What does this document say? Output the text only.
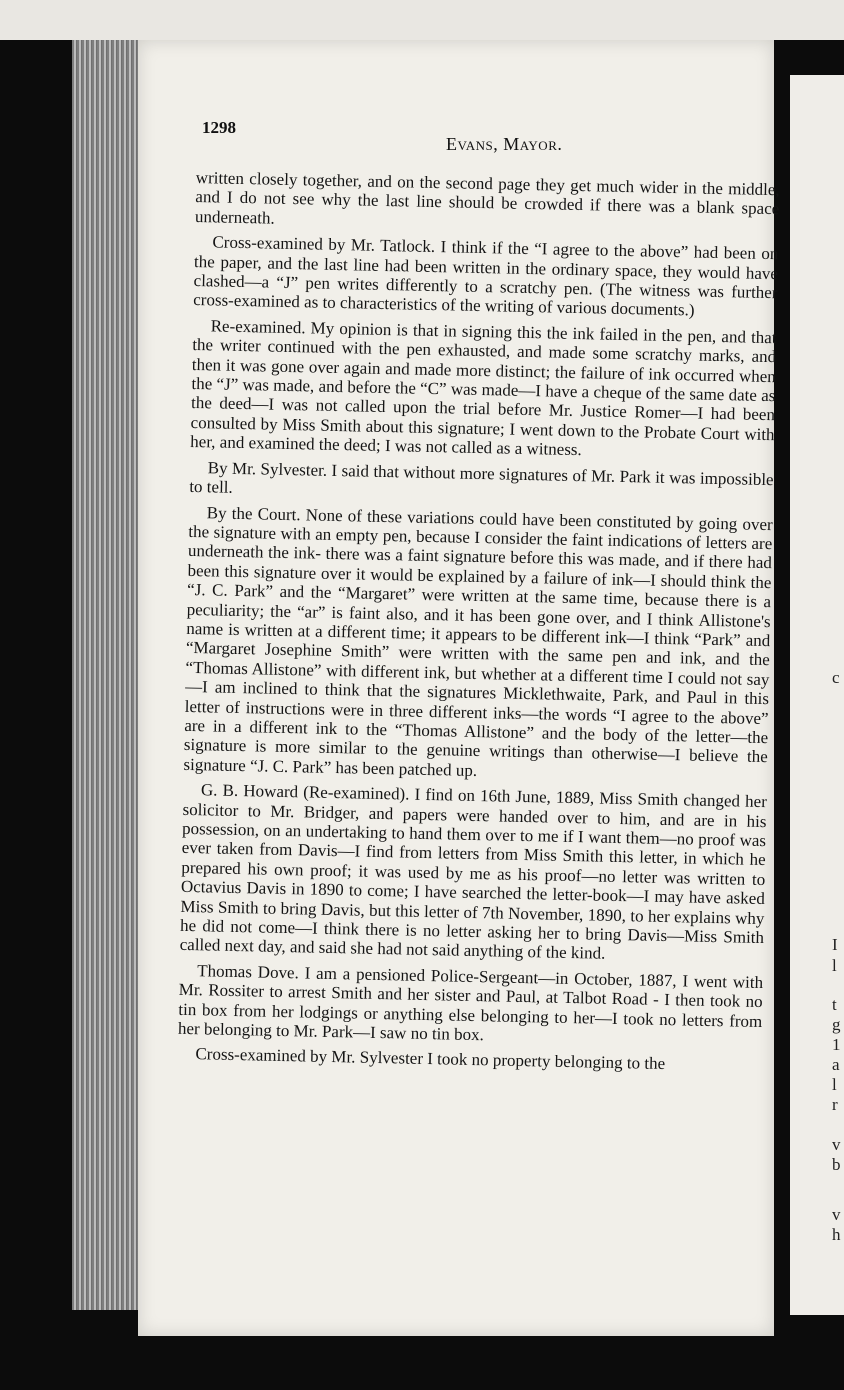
1298
Evans, Mayor.

written closely together, and on the second page they get much wider in the middle, and I do not see why the last line should be crowded if there was a blank space underneath.

Cross-examined by Mr. Tatlock. I think if the “I agree to the above” had been on the paper, and the last line had been written in the ordinary space, they would have clashed—a “J” pen writes differently to a scratchy pen. (The witness was further cross-examined as to characteristics of the writing of various documents.)

Re-examined. My opinion is that in signing this the ink failed in the pen, and that the writer continued with the pen exhausted, and made some scratchy marks, and then it was gone over again and made more distinct; the failure of ink occurred when the “J” was made, and before the “C” was made—I have a cheque of the same date as the deed—I was not called upon the trial before Mr. Justice Romer—I had been consulted by Miss Smith about this signature; I went down to the Probate Court with her, and examined the deed; I was not called as a witness.

By Mr. Sylvester. I said that without more signatures of Mr. Park it was impossible to tell.

By the Court. None of these variations could have been constituted by going over the signature with an empty pen, because I consider the faint indications of letters are underneath the ink- there was a faint signature before this was made, and if there had been this signature over it would be explained by a failure of ink—I should think the “J. C. Park” and the “Margaret” were written at the same time, because there is a peculiarity; the “ar” is faint also, and it has been gone over, and I think Allistone's name is written at a different time; it appears to be different ink—I think “Park” and “Margaret Josephine Smith” were written with the same pen and ink, and the “Thomas Allistone” with different ink, but whether at a different time I could not say—I am inclined to think that the signatures Micklethwaite, Park, and Paul in this letter of instructions were in three different inks—the words “I agree to the above” are in a different ink to the “Thomas Allistone” and the body of the letter—the signature is more similar to the genuine writings than otherwise—I believe the signature “J. C. Park” has been patched up.

G. B. Howard (Re-examined). I find on 16th June, 1889, Miss Smith changed her solicitor to Mr. Bridger, and papers were handed over to him, and are in his possession, on an undertaking to hand them over to me if I want them—no proof was ever taken from Davis—I find from letters from Miss Smith this letter, in which he prepared his own proof; it was used by me as his proof—no letter was written to Octavius Davis in 1890 to come; I have searched the letter-book—I may have asked Miss Smith to bring Davis, but this letter of 7th November, 1890, to her explains why he did not come—I think there is no letter asking her to bring Davis—Miss Smith called next day, and said she had not said anything of the kind.

Thomas Dove. I am a pensioned Police-Sergeant—in October, 1887, I went with Mr. Rossiter to arrest Smith and her sister and Paul, at Talbot Road - I then took no tin box from her lodgings or anything else belonging to her—I took no letters from her belonging to Mr. Park—I saw no tin box.

Cross-examined by Mr. Sylvester I took no property belonging to the

c
I
l
t
g
1
a
l
r
v
b
v
h
